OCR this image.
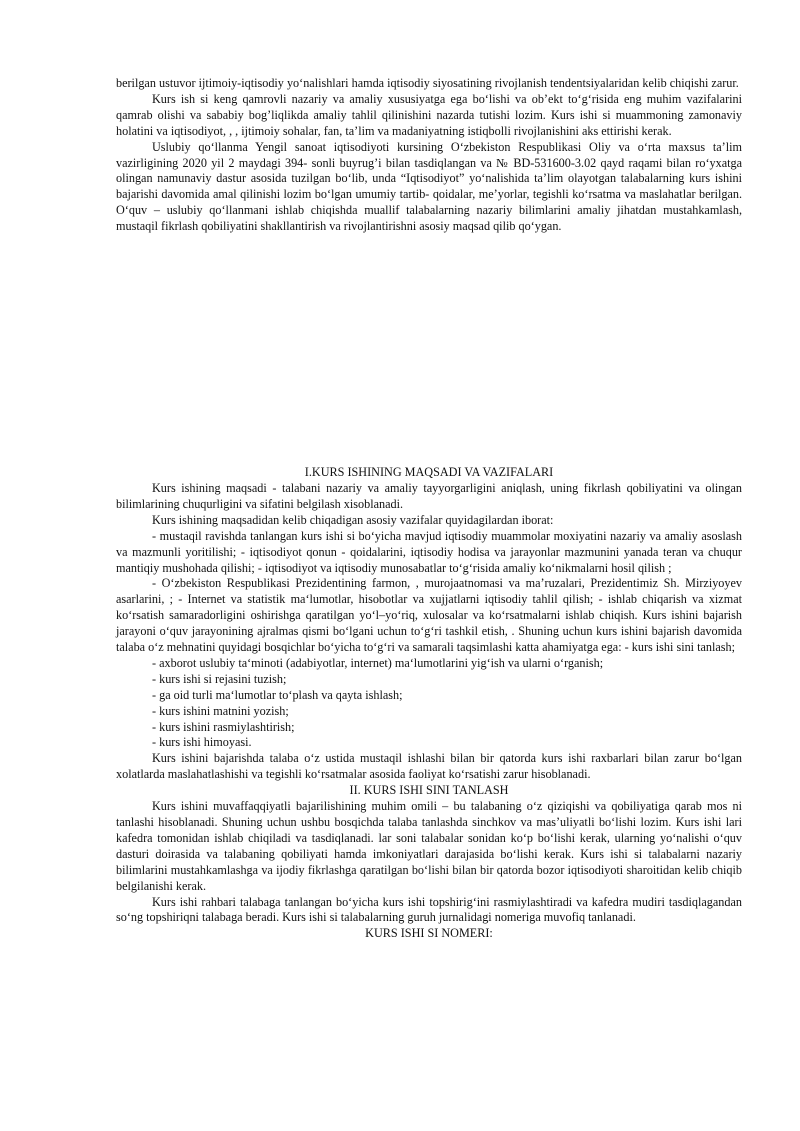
berilgan ustuvor ijtimoiy-iqtisodiy yo‘nalishlari hamda iqtisodiy siyosatining rivojlanish tendentsiyalaridan kelib chiqishi zarur.

Kurs ish si keng qamrovli nazariy va amaliy xususiyatga ega bo‘lishi va ob’ekt to‘g‘risida eng muhim vazifalarini qamrab olishi va sababiy bog’liqlikda amaliy tahlil qilinishini nazarda tutishi lozim. Kurs ishi si muammoning zamonaviy holatini va iqtisodiyot, , , ijtimoiy sohalar, fan, ta’lim va madaniyatning istiqbolli rivojlanishini aks ettirishi kerak.

Uslubiy qo‘llanma Yengil sanoat iqtisodiyoti kursining O‘zbekiston Respublikasi Oliy va o‘rta maxsus ta’lim vazirligining 2020 yil 2 maydagi 394- sonli buyrug’i bilan tasdiqlangan va № BD-531600-3.02 qayd raqami bilan ro‘yxatga olingan namunaviy dastur asosida tuzilgan bo‘lib, unda “Iqtisodiyot” yo‘nalishida ta’lim olayotgan talabalarning kurs ishini bajarishi davomida amal qilinishi lozim bo‘lgan umumiy tartib- qoidalar, me’yorlar, tegishli ko‘rsatma va maslahatlar berilgan. O‘quv – uslubiy qo‘llanmani ishlab chiqishda muallif talabalarning nazariy bilimlarini amaliy jihatdan mustahkamlash, mustaqil fikrlash qobiliyatini shakllantirish va rivojlantirishni asosiy maqsad qilib qo‘ygan.

I.KURS ISHINING MAQSADI VA VAZIFALARI

Kurs ishining maqsadi - talabani nazariy va amaliy tayyorgarligini aniqlash, uning fikrlash qobiliyatini va olingan bilimlarining chuqurligini va sifatini belgilash xisoblanadi.

Kurs ishining maqsadidan kelib chiqadigan asosiy vazifalar quyidagilardan iborat:

- mustaqil ravishda tanlangan kurs ishi si bo‘yicha mavjud iqtisodiy muammolar moxiyatini nazariy va amaliy asoslash va mazmunli yoritilishi; - iqtisodiyot qonun - qoidalarini, iqtisodiy hodisa va jarayonlar mazmunini yanada teran va chuqur mantiqiy mushohada qilishi; - iqtisodiyot va iqtisodiy munosabatlar to‘g‘risida amaliy ko‘nikmalarni hosil qilish ;

- O‘zbekiston Respublikasi Prezidentining farmon, , murojaatnomasi va ma’ruzalari, Prezidentimiz Sh. Mirziyoyev asarlarini, ; - Internet va statistik ma‘lumotlar, hisobotlar va xujjatlarni iqtisodiy tahlil qilish; - ishlab chiqarish va xizmat ko‘rsatish samaradorligini oshirishga qaratilgan yo‘l–yo‘riq, xulosalar va ko‘rsatmalarni ishlab chiqish. Kurs ishini bajarish jarayoni o‘quv jarayonining ajralmas qismi bo‘lgani uchun to‘g‘ri tashkil etish, . Shuning uchun kurs ishini bajarish davomida talaba o‘z mehnatini quyidagi bosqichlar bo‘yicha to‘g‘ri va samarali taqsimlashi katta ahamiyatga ega: - kurs ishi sini tanlash;

- axborot uslubiy ta‘minoti (adabiyotlar, internet) ma‘lumotlarini yig‘ish va ularni o‘rganish;

- kurs ishi si rejasini tuzish;

- ga oid turli ma‘lumotlar to‘plash va qayta ishlash;

- kurs ishini matnini yozish;

- kurs ishini rasmiylashtirish;

- kurs ishi himoyasi.

Kurs ishini bajarishda talaba o‘z ustida mustaqil ishlashi bilan bir qatorda kurs ishi raxbarlari bilan zarur bo‘lgan xolatlarda maslahatlashishi va tegishli ko‘rsatmalar asosida faoliyat ko‘rsatishi zarur hisoblanadi.

II. KURS ISHI SINI TANLASH

Kurs ishini muvaffaqqiyatli bajarilishining muhim omili – bu talabaning o‘z qiziqishi va qobiliyatiga qarab mos ni tanlashi hisoblanadi. Shuning uchun ushbu bosqichda talaba tanlashda sinchkov va mas’uliyatli bo‘lishi lozim. Kurs ishi lari kafedra tomonidan ishlab chiqiladi va tasdiqlanadi. lar soni talabalar sonidan ko‘p bo‘lishi kerak, ularning yo‘nalishi o‘quv dasturi doirasida va talabaning qobiliyati hamda imkoniyatlari darajasida bo‘lishi kerak. Kurs ishi si talabalarni nazariy bilimlarini mustahkamlashga va ijodiy fikrlashga qaratilgan bo‘lishi bilan bir qatorda bozor iqtisodiyoti sharoitidan kelib chiqib belgilanishi kerak.

Kurs ishi rahbari talabaga tanlangan bo‘yicha kurs ishi topshirig‘ini rasmiylashtiradi va kafedra mudiri tasdiqlagandan so‘ng topshiriqni talabaga beradi. Kurs ishi si talabalarning guruh jurnalidagi nomeriga muvofiq tanlanadi.

KURS ISHI SI NOMERI:
